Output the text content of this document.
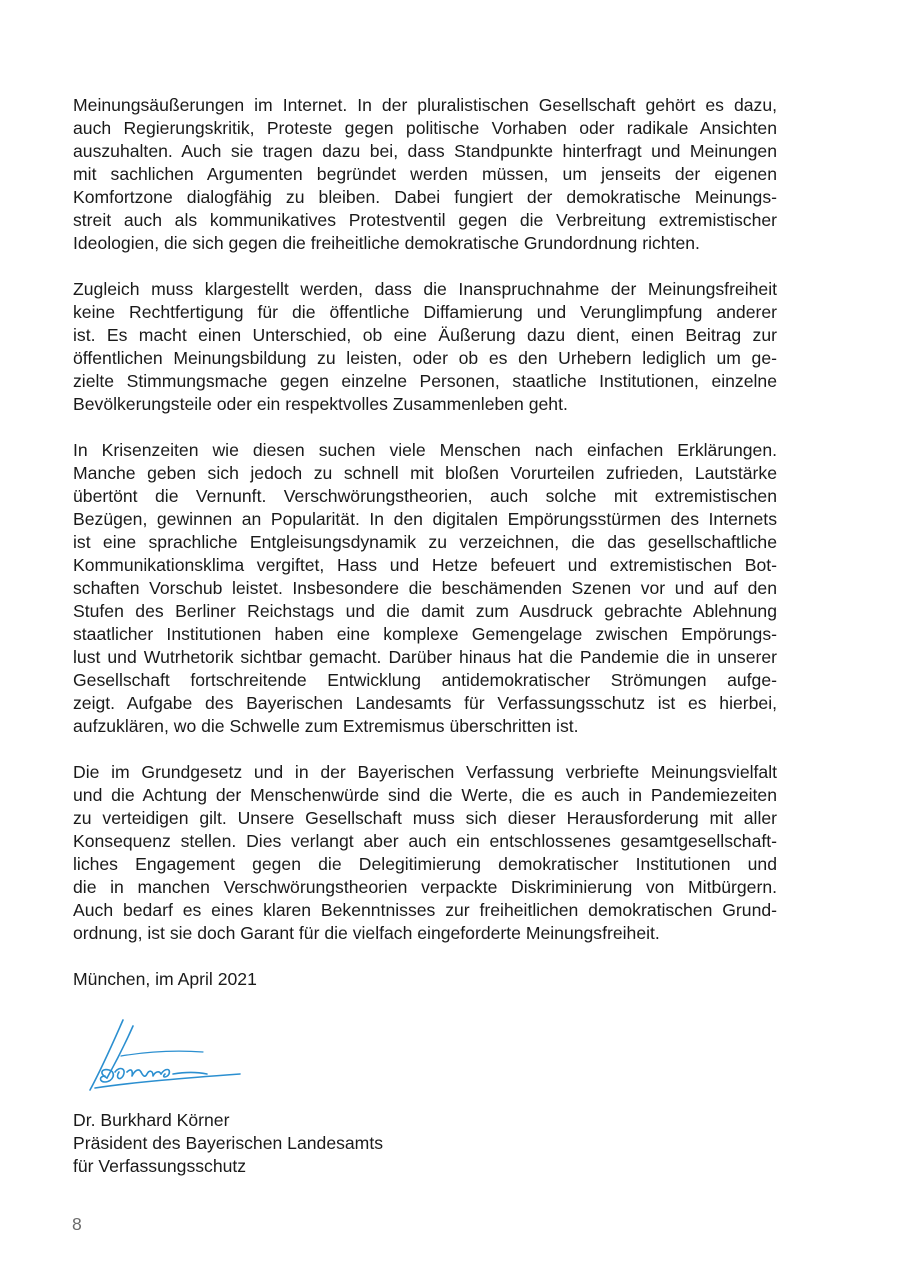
Meinungsäußerungen im Internet. In der pluralistischen Gesellschaft gehört es dazu,
auch Regierungskritik, Proteste gegen politische Vorhaben oder radikale Ansichten
auszuhalten. Auch sie tragen dazu bei, dass Standpunkte hinterfragt und Meinungen
mit sachlichen Argumenten begründet werden müssen, um jenseits der eigenen
Komfortzone dialogfähig zu bleiben. Dabei fungiert der demokratische Meinungs-
streit auch als kommunikatives Protestventil gegen die Verbreitung extremistischer
Ideologien, die sich gegen die freiheitliche demokratische Grundordnung richten.

Zugleich muss klargestellt werden, dass die Inanspruchnahme der Meinungsfreiheit
keine Rechtfertigung für die öffentliche Diffamierung und Verunglimpfung anderer
ist. Es macht einen Unterschied, ob eine Äußerung dazu dient, einen Beitrag zur
öffentlichen Meinungsbildung zu leisten, oder ob es den Urhebern lediglich um ge-
zielte Stimmungsmache gegen einzelne Personen, staatliche Institutionen, einzelne
Bevölkerungsteile oder ein respektvolles Zusammenleben geht.

In Krisenzeiten wie diesen suchen viele Menschen nach einfachen Erklärungen.
Manche geben sich jedoch zu schnell mit bloßen Vorurteilen zufrieden, Lautstärke
übertönt die Vernunft. Verschwörungstheorien, auch solche mit extremistischen
Bezügen, gewinnen an Popularität. In den digitalen Empörungsstürmen des Internets
ist eine sprachliche Entgleisungsdynamik zu verzeichnen, die das gesellschaftliche
Kommunikationsklima vergiftet, Hass und Hetze befeuert und extremistischen Bot-
schaften Vorschub leistet. Insbesondere die beschämenden Szenen vor und auf den
Stufen des Berliner Reichstags und die damit zum Ausdruck gebrachte Ablehnung
staatlicher Institutionen haben eine komplexe Gemengelage zwischen Empörungs-
lust und Wutrhetorik sichtbar gemacht. Darüber hinaus hat die Pandemie die in unserer
Gesellschaft fortschreitende Entwicklung antidemokratischer Strömungen aufge-
zeigt. Aufgabe des Bayerischen Landesamts für Verfassungsschutz ist es hierbei,
aufzuklären, wo die Schwelle zum Extremismus überschritten ist.

Die im Grundgesetz und in der Bayerischen Verfassung verbriefte Meinungsvielfalt
und die Achtung der Menschenwürde sind die Werte, die es auch in Pandemiezeiten
zu verteidigen gilt. Unsere Gesellschaft muss sich dieser Herausforderung mit aller
Konsequenz stellen. Dies verlangt aber auch ein entschlossenes gesamtgesellschaft-
liches Engagement gegen die Delegitimierung demokratischer Institutionen und
die in manchen Verschwörungstheorien verpackte Diskriminierung von Mitbürgern.
Auch bedarf es eines klaren Bekenntnisses zur freiheitlichen demokratischen Grund-
ordnung, ist sie doch Garant für die vielfach eingeforderte Meinungsfreiheit.

München, im April 2021

Dr. Burkhard Körner
Präsident des Bayerischen Landesamts
für Verfassungsschutz
8
